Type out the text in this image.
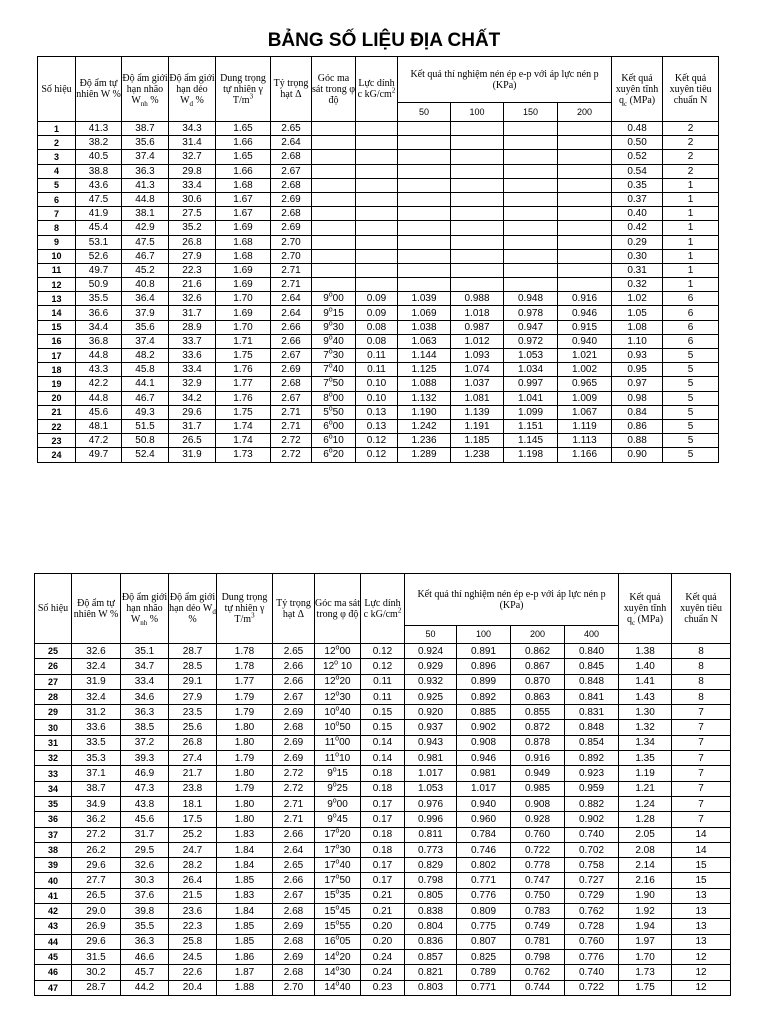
BẢNG SỐ LIỆU ĐỊA CHẤT
Số hiệu	Độ ẩm tự nhiên W %	Độ ẩm giới hạn nhão $W_{nh}$ %	Độ ẩm giới hạn dẻo $W_d$ %	Dung trọng tự nhiên γ $T/m^3$	Tỷ trọng hạt Δ	Góc ma sát trong φ độ	Lực dính c $kG/cm^2$	Kết quả thí nghiệm nén ép e-p với áp lực nén p (KPa)				Kết quả xuyên tĩnh $q_c$ (MPa)	Kết quả xuyên tiêu chuẩn N
								50	100	150	200		
1	41.3	38.7	34.3	1.65	2.65							0.48	2
2	38.2	35.6	31.4	1.66	2.64							0.50	2
3	40.5	37.4	32.7	1.65	2.68							0.52	2
4	38.8	36.3	29.8	1.66	2.67							0.54	2
5	43.6	41.3	33.4	1.68	2.68							0.35	1
6	47.5	44.8	30.6	1.67	2.69							0.37	1
7	41.9	38.1	27.5	1.67	2.68							0.40	1
8	45.4	42.9	35.2	1.69	2.69							0.42	1
9	53.1	47.5	26.8	1.68	2.70							0.29	1
10	52.6	46.7	27.9	1.68	2.70							0.30	1
11	49.7	45.2	22.3	1.69	2.71							0.31	1
12	50.9	40.8	21.6	1.69	2.71							0.32	1
13	35.5	36.4	32.6	1.70	2.64	9$^o$00	0.09	1.039	0.988	0.948	0.916	1.02	6
14	36.6	37.9	31.7	1.69	2.64	9$^o$15	0.09	1.069	1.018	0.978	0.946	1.05	6
15	34.4	35.6	28.9	1.70	2.66	9$^o$30	0.08	1.038	0.987	0.947	0.915	1.08	6
16	36.8	37.4	33.7	1.71	2.66	9$^o$40	0.08	1.063	1.012	0.972	0.940	1.10	6
17	44.8	48.2	33.6	1.75	2.67	7$^o$30	0.11	1.144	1.093	1.053	1.021	0.93	5
18	43.3	45.8	33.4	1.76	2.69	7$^o$40	0.11	1.125	1.074	1.034	1.002	0.95	5
19	42.2	44.1	32.9	1.77	2.68	7$^o$50	0.10	1.088	1.037	0.997	0.965	0.97	5
20	44.8	46.7	34.2	1.76	2.67	8$^o$00	0.10	1.132	1.081	1.041	1.009	0.98	5
21	45.6	49.3	29.6	1.75	2.71	5$^o$50	0.13	1.190	1.139	1.099	1.067	0.84	5
22	48.1	51.5	31.7	1.74	2.71	6$^o$00	0.13	1.242	1.191	1.151	1.119	0.86	5
23	47.2	50.8	26.5	1.74	2.72	6$^o$10	0.12	1.236	1.185	1.145	1.113	0.88	5
24	49.7	52.4	31.9	1.73	2.72	6$^o$20	0.12	1.289	1.238	1.198	1.166	0.90	5
Số hiệu	Độ ẩm tự nhiên W %	Độ ẩm giới hạn nhão $W_{nh}$ %	Độ ẩm giới hạn dẻo $W_d$ %	Dung trọng tự nhiên γ $T/m^3$	Tỷ trọng hạt Δ	Góc ma sát trong φ độ	Lực dính c $kG/cm^2$	Kết quả thí nghiệm nén ép e-p với áp lực nén p (KPa)				Kết quả xuyên tĩnh $q_c$ (MPa)	Kết quả xuyên tiêu chuẩn N
								50	100	200	400		
25	32.6	35.1	28.7	1.78	2.65	12$^o$00	0.12	0.924	0.891	0.862	0.840	1.38	8
26	32.4	34.7	28.5	1.78	2.66	12$^o$ 10	0.12	0.929	0.896	0.867	0.845	1.40	8
27	31.9	33.4	29.1	1.77	2.66	12$^o$20	0.11	0.932	0.899	0.870	0.848	1.41	8
28	32.4	34.6	27.9	1.79	2.67	12$^o$30	0.11	0.925	0.892	0.863	0.841	1.43	8
29	31.2	36.3	23.5	1.79	2.69	10$^o$40	0.15	0.920	0.885	0.855	0.831	1.30	7
30	33.6	38.5	25.6	1.80	2.68	10$^o$50	0.15	0.937	0.902	0.872	0.848	1.32	7
31	33.5	37.2	26.8	1.80	2.69	11$^o$00	0.14	0.943	0.908	0.878	0.854	1.34	7
32	35.3	39.3	27.4	1.79	2.69	11$^o$10	0.14	0.981	0.946	0.916	0.892	1.35	7
33	37.1	46.9	21.7	1.80	2.72	9$^o$15	0.18	1.017	0.981	0.949	0.923	1.19	7
34	38.7	47.3	23.8	1.79	2.72	9$^o$25	0.18	1.053	1.017	0.985	0.959	1.21	7
35	34.9	43.8	18.1	1.80	2.71	9$^o$00	0.17	0.976	0.940	0.908	0.882	1.24	7
36	36.2	45.6	17.5	1.80	2.71	9$^o$45	0.17	0.996	0.960	0.928	0.902	1.28	7
37	27.2	31.7	25.2	1.83	2.66	17$^o$20	0.18	0.811	0.784	0.760	0.740	2.05	14
38	26.2	29.5	24.7	1.84	2.64	17$^o$30	0.18	0.773	0.746	0.722	0.702	2.08	14
39	29.6	32.6	28.2	1.84	2.65	17$^o$40	0.17	0.829	0.802	0.778	0.758	2.14	15
40	27.7	30.3	26.4	1.85	2.66	17$^o$50	0.17	0.798	0.771	0.747	0.727	2.16	15
41	26.5	37.6	21.5	1.83	2.67	15$^o$35	0.21	0.805	0.776	0.750	0.729	1.90	13
42	29.0	39.8	23.6	1.84	2.68	15$^o$45	0.21	0.838	0.809	0.783	0.762	1.92	13
43	26.9	35.5	22.3	1.85	2.69	15$^o$55	0.20	0.804	0.775	0.749	0.728	1.94	13
44	29.6	36.3	25.8	1.85	2.68	16$^o$05	0.20	0.836	0.807	0.781	0.760	1.97	13
45	31.5	46.6	24.5	1.86	2.69	14$^o$20	0.24	0.857	0.825	0.798	0.776	1.70	12
46	30.2	45.7	22.6	1.87	2.68	14$^o$30	0.24	0.821	0.789	0.762	0.740	1.73	12
47	28.7	44.2	20.4	1.88	2.70	14$^o$40	0.23	0.803	0.771	0.744	0.722	1.75	12
